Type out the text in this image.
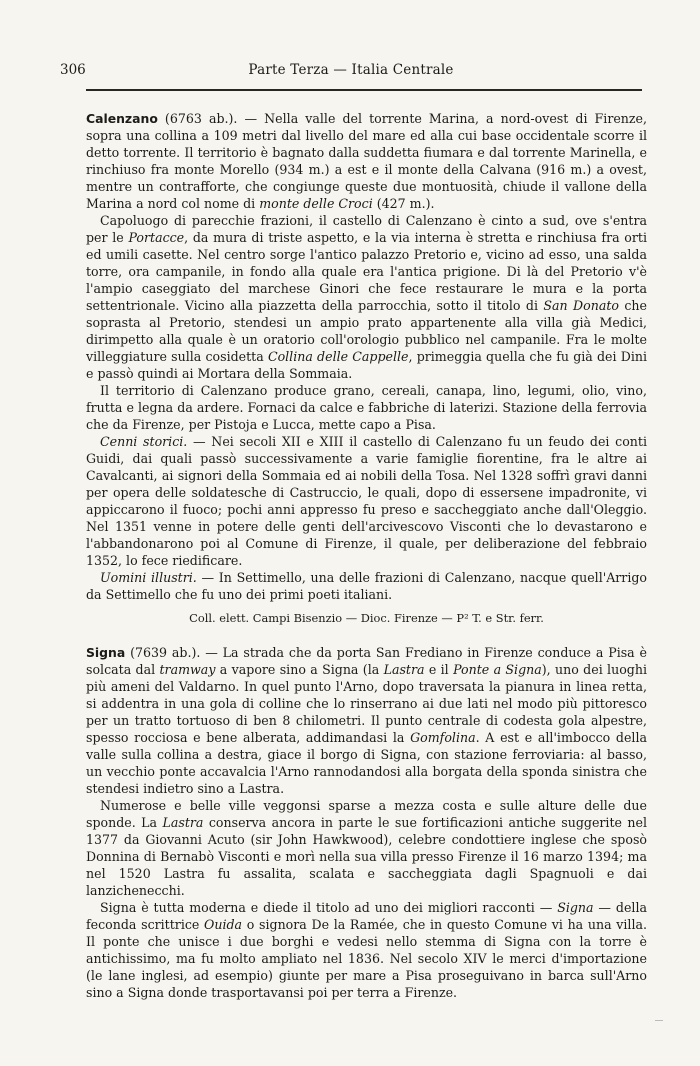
306	Parte Terza — Italia Centrale

Calenzano (6763 ab.). — Nella valle del torrente Marina, a nord-ovest di Firenze, sopra una collina a 109 metri dal livello del mare ed alla cui base occidentale scorre il detto torrente. Il territorio è bagnato dalla suddetta fiumara e dal torrente Marinella, e rinchiuso fra monte Morello (934 m.) a est e il monte della Calvana (916 m.) a ovest, mentre un contrafforte, che congiunge queste due montuosità, chiude il vallone della Marina a nord col nome di monte delle Croci (427 m.).

Capoluogo di parecchie frazioni, il castello di Calenzano è cinto a sud, ove s'entra per le Portacce, da mura di triste aspetto, e la via interna è stretta e rinchiusa fra orti ed umili casette. Nel centro sorge l'antico palazzo Pretorio e, vicino ad esso, una salda torre, ora campanile, in fondo alla quale era l'antica prigione. Di là del Pretorio v'è l'ampio caseggiato del marchese Ginori che fece restaurare le mura e la porta settentrionale. Vicino alla piazzetta della parrocchia, sotto il titolo di San Donato che soprasta al Pretorio, stendesi un ampio prato appartenente alla villa già Medici, dirimpetto alla quale è un oratorio coll'orologio pubblico nel campanile. Fra le molte villeggiature sulla cosidetta Collina delle Cappelle, primeggia quella che fu già dei Dini e passò quindi ai Mortara della Sommaia.

Il territorio di Calenzano produce grano, cereali, canapa, lino, legumi, olio, vino, frutta e legna da ardere. Fornaci da calce e fabbriche di laterizi. Stazione della ferrovia che da Firenze, per Pistoja e Lucca, mette capo a Pisa.

Cenni storici. — Nei secoli XII e XIII il castello di Calenzano fu un feudo dei conti Guidi, dai quali passò successivamente a varie famiglie fiorentine, fra le altre ai Cavalcanti, ai signori della Sommaia ed ai nobili della Tosa. Nel 1328 soffrì gravi danni per opera delle soldatesche di Castruccio, le quali, dopo di essersene impadronite, vi appiccarono il fuoco; pochi anni appresso fu preso e saccheggiato anche dall'Oleggio. Nel 1351 venne in potere delle genti dell'arcivescovo Visconti che lo devastarono e l'abbandonarono poi al Comune di Firenze, il quale, per deliberazione del febbraio 1352, lo fece riedificare.

Uomini illustri. — In Settimello, una delle frazioni di Calenzano, nacque quell'Arrigo da Settimello che fu uno dei primi poeti italiani.

Coll. elett. Campi Bisenzio — Dioc. Firenze — P² T. e Str. ferr.

Signa (7639 ab.). — La strada che da porta San Frediano in Firenze conduce a Pisa è solcata dal tramway a vapore sino a Signa (la Lastra e il Ponte a Signa), uno dei luoghi più ameni del Valdarno. In quel punto l'Arno, dopo traversata la pianura in linea retta, si addentra in una gola di colline che lo rinserrano ai due lati nel modo più pittoresco per un tratto tortuoso di ben 8 chilometri. Il punto centrale di codesta gola alpestre, spesso rocciosa e bene alberata, addimandasi la Gomfolina. A est e all'imbocco della valle sulla collina a destra, giace il borgo di Signa, con stazione ferroviaria: al basso, un vecchio ponte accavalcia l'Arno rannodandosi alla borgata della sponda sinistra che stendesi indietro sino a Lastra.

Numerose e belle ville veggonsi sparse a mezza costa e sulle alture delle due sponde. La Lastra conserva ancora in parte le sue fortificazioni antiche suggerite nel 1377 da Giovanni Acuto (sir John Hawkwood), celebre condottiere inglese che sposò Donnina di Bernabò Visconti e morì nella sua villa presso Firenze il 16 marzo 1394; ma nel 1520 Lastra fu assalita, scalata e saccheggiata dagli Spagnuoli e dai lanzichenecchi.

Signa è tutta moderna e diede il titolo ad uno dei migliori racconti — Signa — della feconda scrittrice Ouida o signora De la Ramée, che in questo Comune vi ha una villa. Il ponte che unisce i due borghi e vedesi nello stemma di Signa con la torre è antichissimo, ma fu molto ampliato nel 1836. Nel secolo XIV le merci d'importazione (le lane inglesi, ad esempio) giunte per mare a Pisa proseguivano in barca sull'Arno sino a Signa donde trasportavansi poi per terra a Firenze.
